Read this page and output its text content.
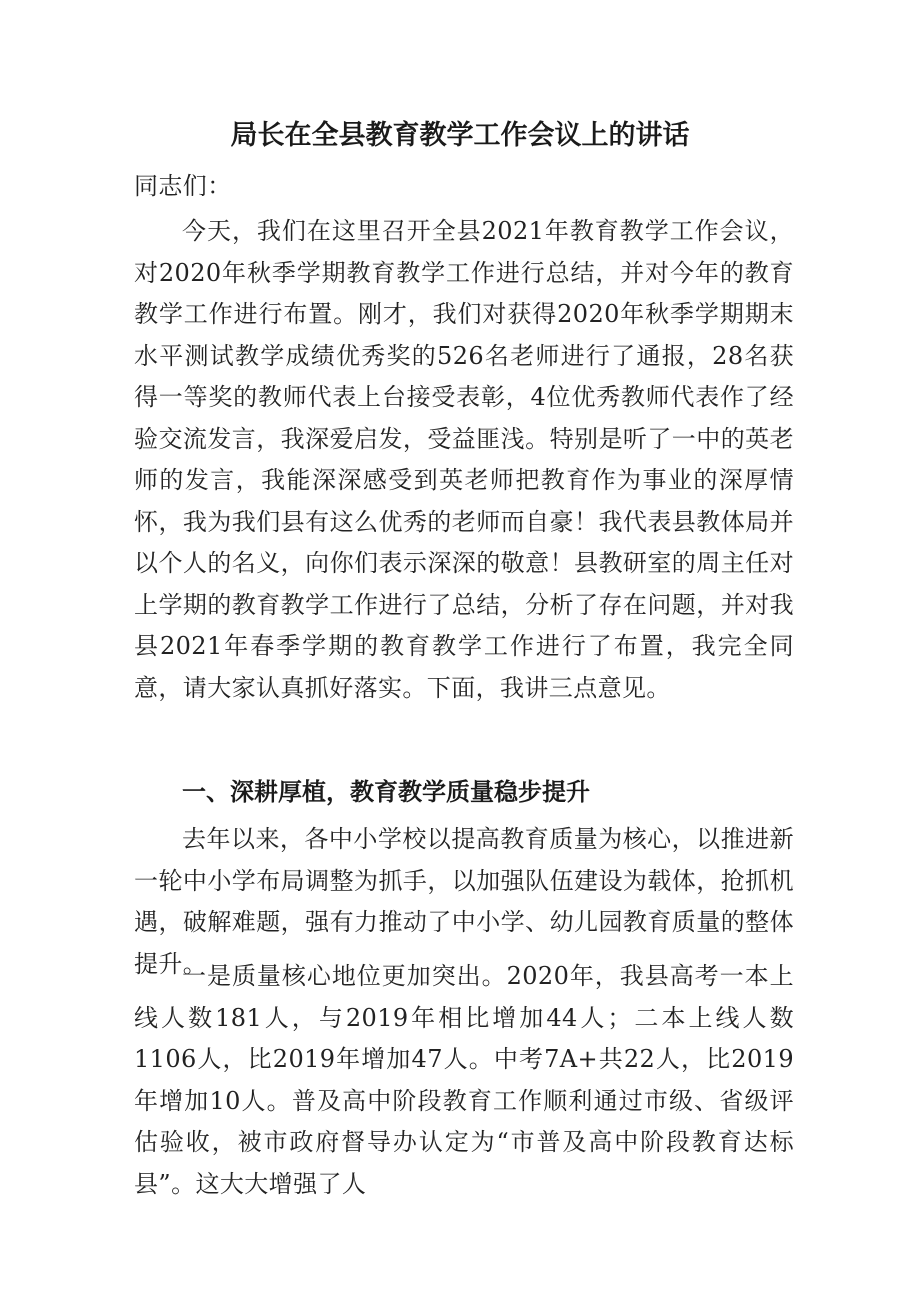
局长在全县教育教学工作会议上的讲话

同志们：

今天，我们在这里召开全县2021年教育教学工作会议，对2020年秋季学期教育教学工作进行总结，并对今年的教育教学工作进行布置。刚才，我们对获得2020年秋季学期期末水平测试教学成绩优秀奖的526名老师进行了通报，28名获得一等奖的教师代表上台接受表彰，4位优秀教师代表作了经验交流发言，我深爱启发，受益匪浅。特别是听了一中的英老师的发言，我能深深感受到英老师把教育作为事业的深厚情怀，我为我们县有这么优秀的老师而自豪！我代表县教体局并以个人的名义，向你们表示深深的敬意！县教研室的周主任对上学期的教育教学工作进行了总结，分析了存在问题，并对我县2021年春季学期的教育教学工作进行了布置，我完全同意，请大家认真抓好落实。下面，我讲三点意见。

一、深耕厚植，教育教学质量稳步提升

去年以来，各中小学校以提高教育质量为核心，以推进新一轮中小学布局调整为抓手，以加强队伍建设为载体，抢抓机遇，破解难题，强有力推动了中小学、幼儿园教育质量的整体提升。

一是质量核心地位更加突出。2020年，我县高考一本上线人数181人，与2019年相比增加44人；二本上线人数1106人，比2019年增加47人。中考7A+共22人，比2019年增加10人。普及高中阶段教育工作顺利通过市级、省级评估验收，被市政府督导办认定为“市普及高中阶段教育达标县”。这大大增强了人
